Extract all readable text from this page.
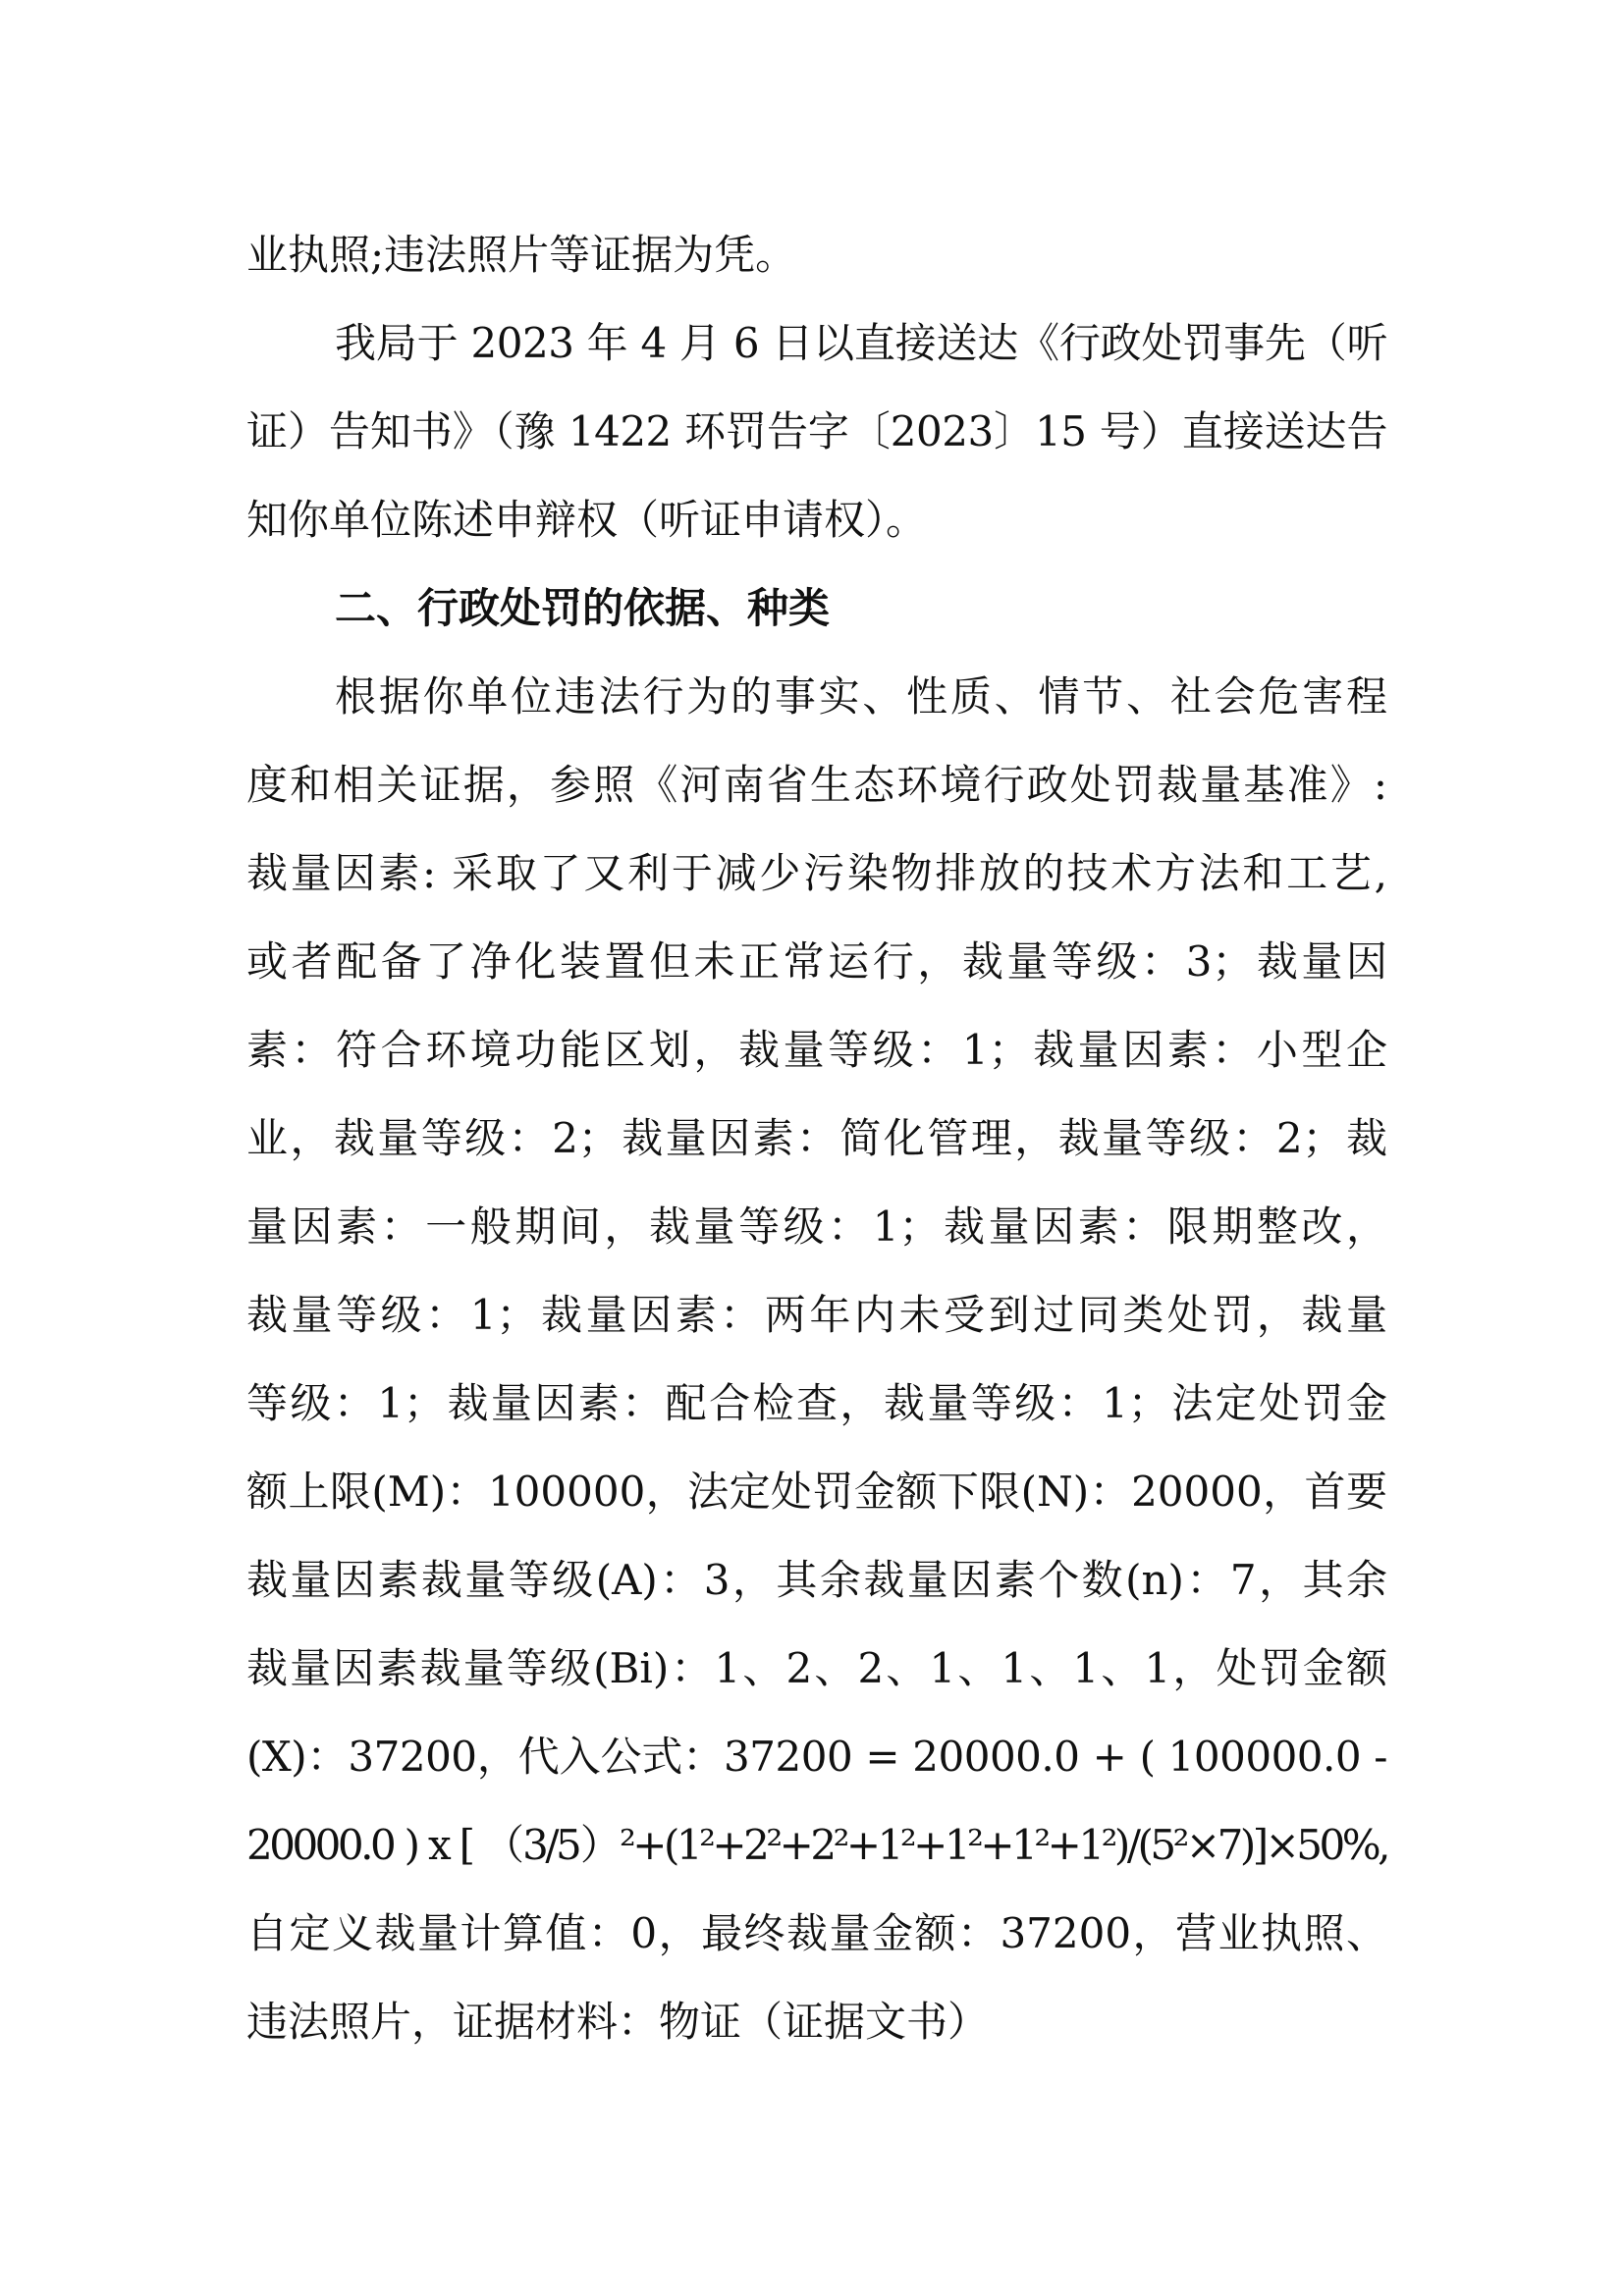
业执照;违法照片等证据为凭。
我局于 2023 年 4 月 6 日以直接送达《行政处罚事先（听
证）告知书》（豫 1422 环罚告字〔2023〕15 号）直接送达告
知你单位陈述申辩权（听证申请权）。
二、行政处罚的依据、种类
根据你单位违法行为的事实、性质、情节、社会危害程
度和相关证据，参照《河南省生态环境行政处罚裁量基准》:
裁量因素: 采取了又利于减少污染物排放的技术方法和工艺,
或者配备了净化装置但未正常运行，裁量等级：3；裁量因
素：符合环境功能区划，裁量等级：1；裁量因素：小型企
业，裁量等级：2；裁量因素：简化管理，裁量等级：2；裁
量因素：一般期间，裁量等级：1；裁量因素：限期整改，
裁量等级：1；裁量因素：两年内未受到过同类处罚，裁量
等级：1；裁量因素：配合检查，裁量等级：1；法定处罚金
额上限(M)：100000，法定处罚金额下限(N)：20000，首要
裁量因素裁量等级(A)：3，其余裁量因素个数(n)：7，其余
裁量因素裁量等级(Bi)：1、2、2、1、1、1、1，处罚金额
(X)：37200，代入公式：37200 = 20000.0 + ( 100000.0 -
20000.0 ) x [ （3/5）²+(1²+2²+2²+1²+1²+1²+1²)/(5²×7)]×50%,
自定义裁量计算值：0，最终裁量金额：37200，营业执照、
违法照片，证据材料：物证（证据文书）
